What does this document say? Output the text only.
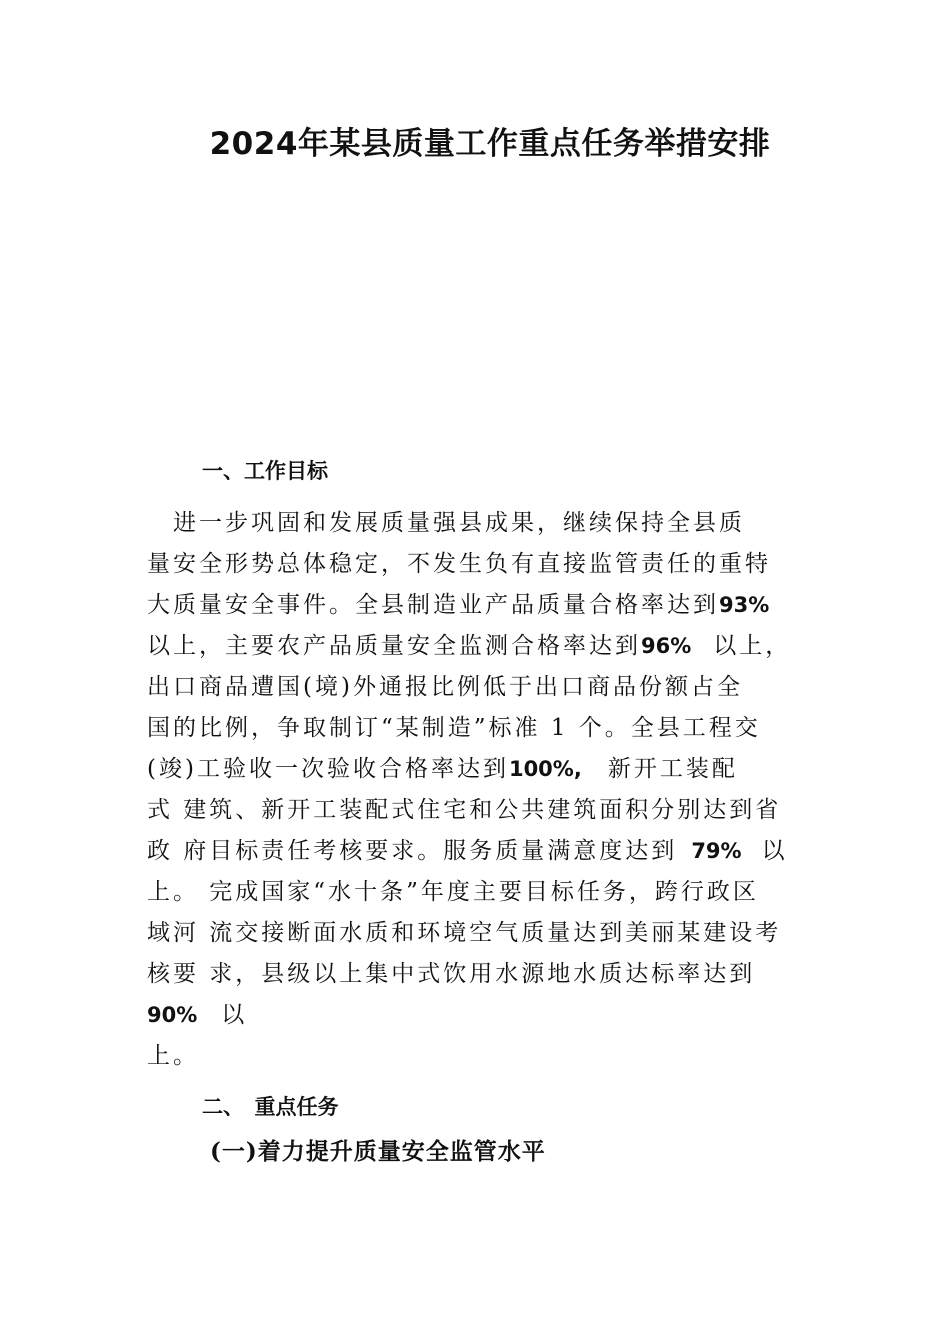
2024年某县质量工作重点任务举措安排
一、工作目标
　进一步巩固和发展质量强县成果，继续保持全县质
量安全形势总体稳定，不发生负有直接监管责任的重特
大质量安全事件。全县制造业产品质量合格率达到93%
以上，主要农产品质量安全监测合格率达到96% 以上，
出口商品遭国(境)外通报比例低于出口商品份额占全
国的比例，争取制订“某制造”标准 1 个。全县工程交
(竣)工验收一次验收合格率达到100%, 新开工装配
式 建筑、新开工装配式住宅和公共建筑面积分别达到省
政 府目标责任考核要求。服务质量满意度达到 79% 以
上。 完成国家“水十条”年度主要目标任务，跨行政区
域河 流交接断面水质和环境空气质量达到美丽某建设考
核要 求，县级以上集中式饮用水源地水质达标率达到
90% 以
上。
二、　重点任务
(一)着力提升质量安全监管水平
